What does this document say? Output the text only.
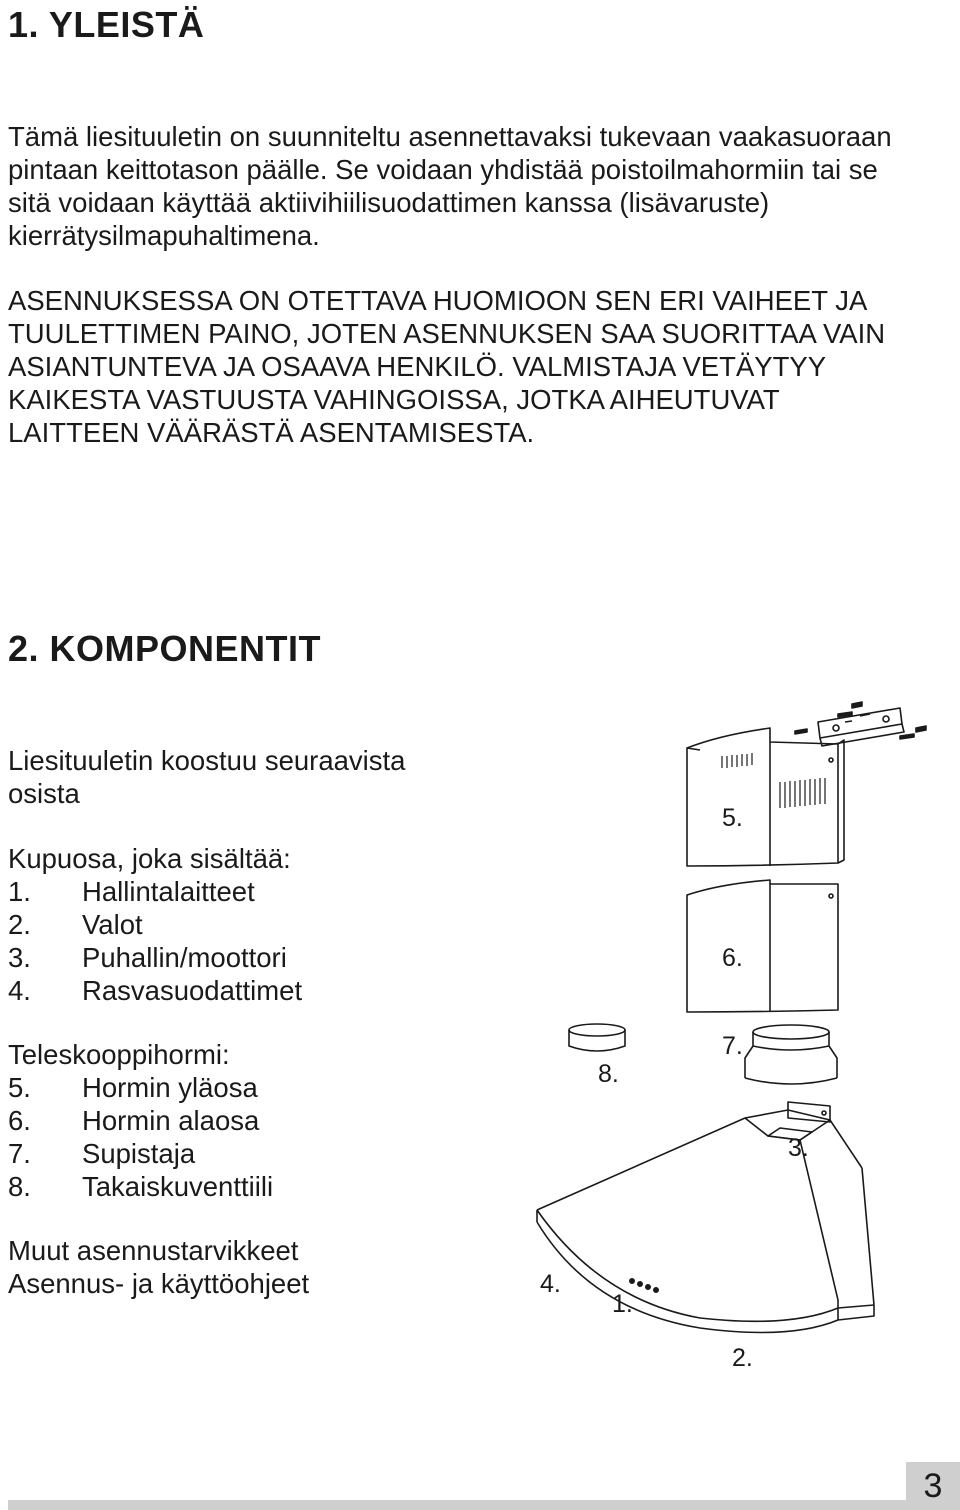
1. YLEISTÄ
Tämä liesituuletin on suunniteltu asennettavaksi tukevaan vaakasuoraan
pintaan keittotason päälle. Se voidaan yhdistää poistoilmahormiin tai se
sitä voidaan käyttää aktiivihiilisuodattimen kanssa (lisävaruste)
kierrätysilmapuhaltimena.
ASENNUKSESSA ON OTETTAVA HUOMIOON SEN ERI VAIHEET JA
TUULETTIMEN PAINO, JOTEN ASENNUKSEN SAA SUORITTAA VAIN
ASIANTUNTEVA JA OSAAVA HENKILÖ. VALMISTAJA VETÄYTYY
KAIKESTA VASTUUSTA VAHINGOISSA, JOTKA AIHEUTUVAT
LAITTEEN VÄÄRÄSTÄ ASENTAMISESTA.
2. KOMPONENTIT
Liesituuletin koostuu seuraavista
osista
Kupuosa, joka sisältää:
1. Hallintalaitteet
2. Valot
3. Puhallin/moottori
4. Rasvasuodattimet
Teleskooppihormi:
5. Hormin yläosa
6. Hormin alaosa
7. Supistaja
8. Takaiskuventtiili
Muut asennustarvikkeet
Asennus- ja käyttöohjeet
1.
2.
3.
4.
5.
6.
7.
8.
3
